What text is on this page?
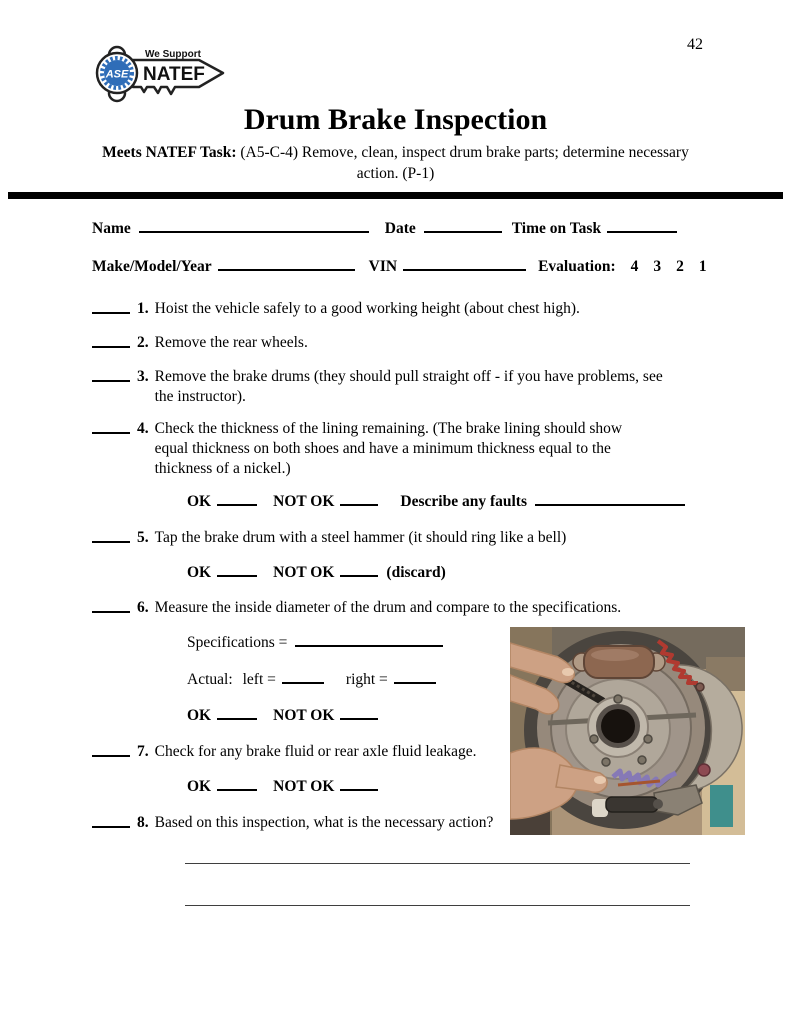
42
ASE
We Support
NATEF
Drum Brake Inspection
Meets NATEF Task: (A5-C-4) Remove, clean, inspect drum brake parts; determine necessary
action. (P-1)
Name	Date	Time on Task
Make/Model/Year	VIN	Evaluation: 4 3 2 1
1. Hoist the vehicle safely to a good working height (about chest high).
2. Remove the rear wheels.
3. Remove the brake drums (they should pull straight off - if you have problems, see the instructor).
4. Check the thickness of the lining remaining. (The brake lining should show equal thickness on both shoes and have a minimum thickness equal to the thickness of a nickel.)
OK	NOT OK	Describe any faults
5. Tap the brake drum with a steel hammer (it should ring like a bell)
OK	NOT OK	(discard)
6. Measure the inside diameter of the drum and compare to the specifications.
Specifications =
Actual: left =	right =
OK	NOT OK
7. Check for any brake fluid or rear axle fluid leakage.
OK	NOT OK
8. Based on this inspection, what is the necessary action?
